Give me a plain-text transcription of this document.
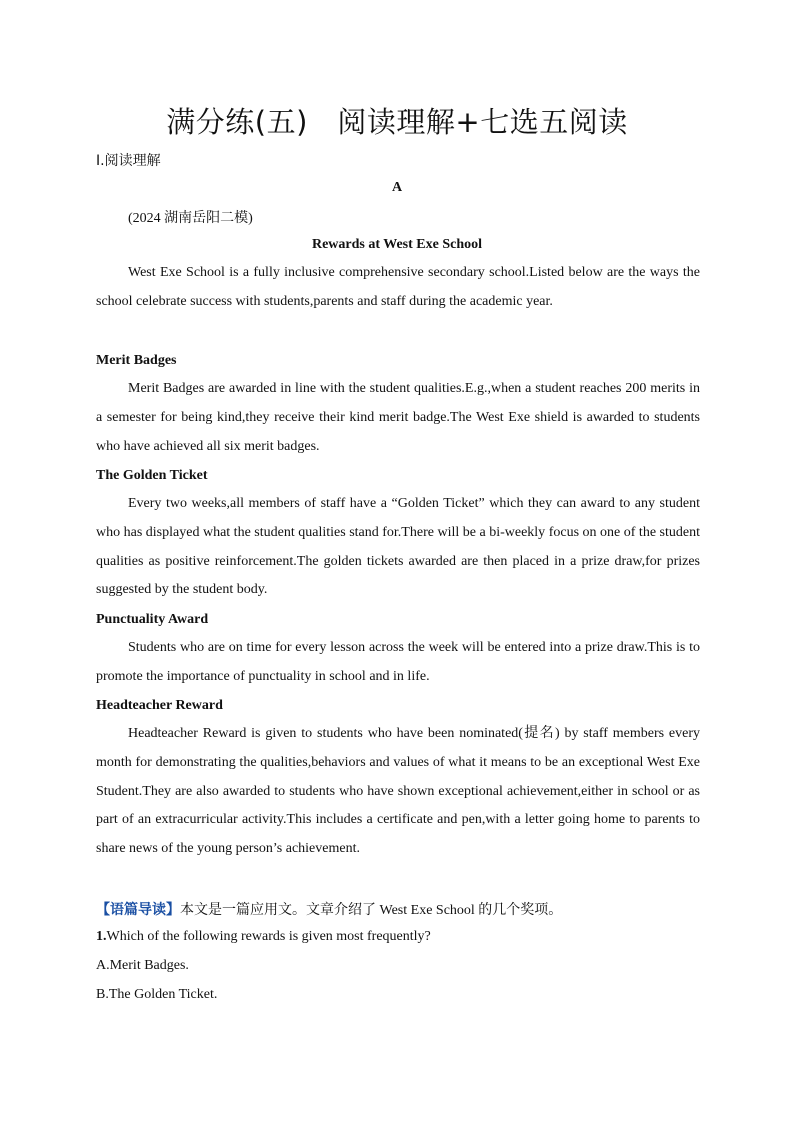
满分练(五)　阅读理解+七选五阅读
Ⅰ.阅读理解
A
(2024 湖南岳阳二模)
Rewards at West Exe School
West Exe School is a fully inclusive comprehensive secondary school.Listed below are the ways the school celebrate success with students,parents and staff during the academic year.
Merit Badges
Merit Badges are awarded in line with the student qualities.E.g.,when a student reaches 200 merits in a semester for being kind,they receive their kind merit badge.The West Exe shield is awarded to students who have achieved all six merit badges.
The Golden Ticket
Every two weeks,all members of staff have a “Golden Ticket” which they can award to any student who has displayed what the student qualities stand for.There will be a bi-weekly focus on one of the student qualities as positive reinforcement.The golden tickets awarded are then placed in a prize draw,for prizes suggested by the student body.
Punctuality Award
Students who are on time for every lesson across the week will be entered into a prize draw.This is to promote the importance of punctuality in school and in life.
Headteacher Reward
Headteacher Reward is given to students who have been nominated(提名) by staff members every month for demonstrating the qualities,behaviors and values of what it means to be an exceptional West Exe Student.They are also awarded to students who have shown exceptional achievement,either in school or as part of an extracurricular activity.This includes a certificate and pen,with a letter going home to parents to share news of the young person’s achievement.
【语篇导读】本文是一篇应用文。文章介绍了 West Exe School 的几个奖项。
1.Which of the following rewards is given most frequently?
A.Merit Badges.
B.The Golden Ticket.
